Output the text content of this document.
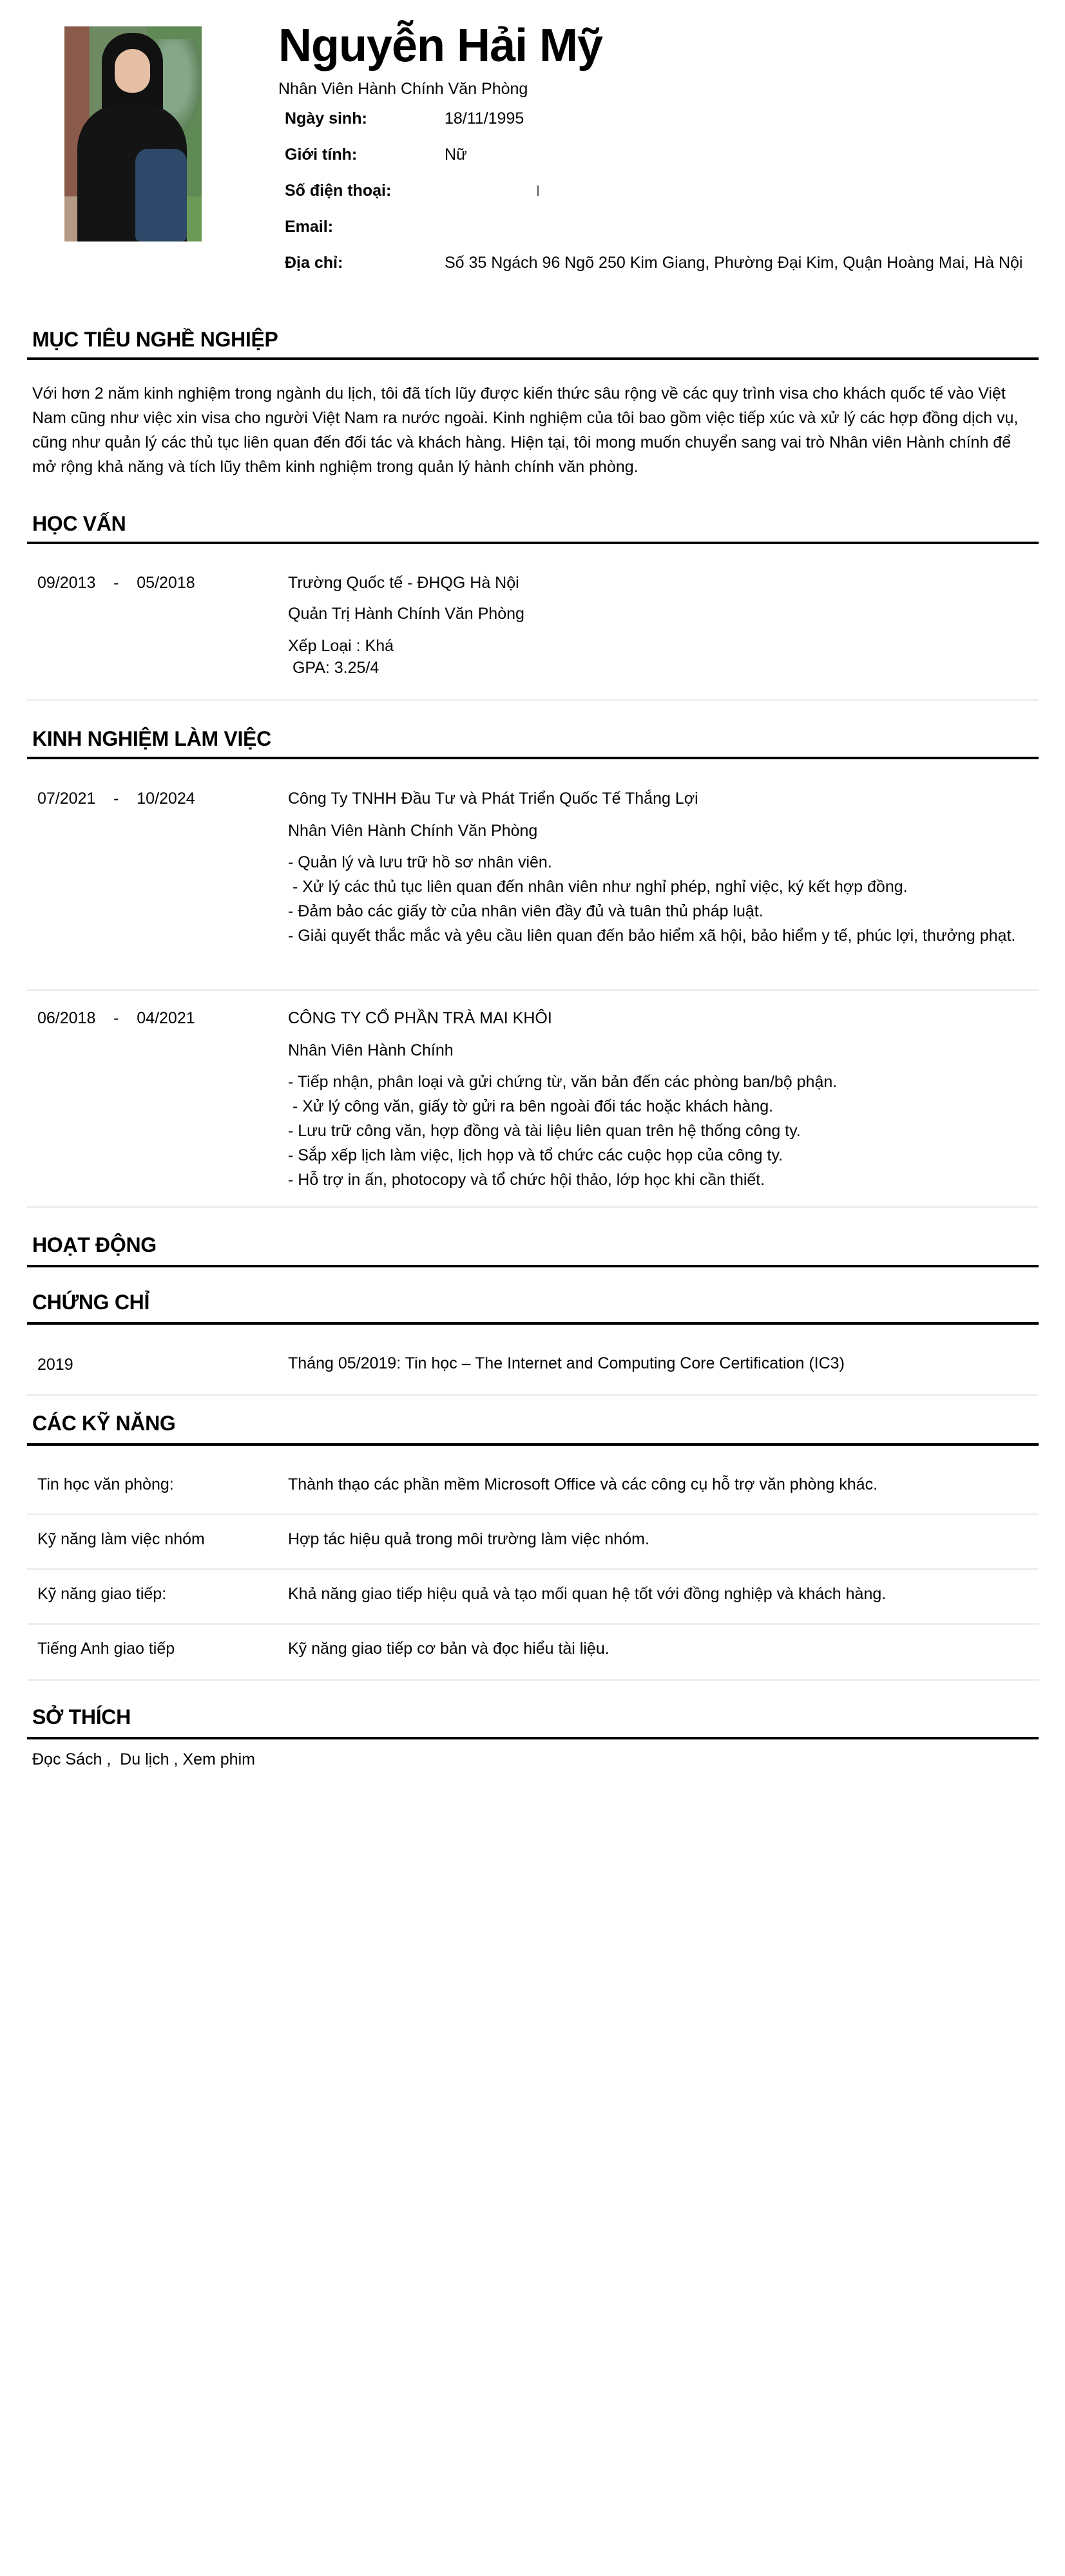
Nguyễn Hải Mỹ
Nhân Viên Hành Chính Văn Phòng
Ngày sinh:	18/11/1995
Giới tính:	Nữ
Số điện thoại:
Email:
Địa chỉ:	Số 35 Ngách 96 Ngõ 250 Kim Giang, Phường Đại Kim, Quận Hoàng Mai, Hà Nội
MỤC TIÊU NGHỀ NGHIỆP
Với hơn 2 năm kinh nghiệm trong ngành du lịch, tôi đã tích lũy được kiến thức sâu rộng về các quy trình visa cho khách quốc tế vào Việt Nam cũng như việc xin visa cho người Việt Nam ra nước ngoài. Kinh nghiệm của tôi bao gồm việc tiếp xúc và xử lý các hợp đồng dịch vụ, cũng như quản lý các thủ tục liên quan đến đối tác và khách hàng. Hiện tại, tôi mong muốn chuyển sang vai trò Nhân viên Hành chính để mở rộng khả năng và tích lũy thêm kinh nghiệm trong quản lý hành chính văn phòng.
HỌC VẤN
09/2013    -    05/2018	Trường Quốc tế - ĐHQG Hà Nội
Quản Trị Hành Chính Văn Phòng
Xếp Loại : Khá
GPA: 3.25/4
KINH NGHIỆM LÀM VIỆC
07/2021    -    10/2024	Công Ty TNHH Đầu Tư và Phát Triển Quốc Tế Thắng Lợi
Nhân Viên Hành Chính Văn Phòng
- Quản lý và lưu trữ hồ sơ nhân viên.
- Xử lý các thủ tục liên quan đến nhân viên như nghỉ phép, nghỉ việc, ký kết hợp đồng.
- Đảm bảo các giấy tờ của nhân viên đầy đủ và tuân thủ pháp luật.
- Giải quyết thắc mắc và yêu cầu liên quan đến bảo hiểm xã hội, bảo hiểm y tế, phúc lợi, thưởng phạt.
06/2018    -    04/2021	CÔNG TY CỔ PHẦN TRÀ MAI KHÔI
Nhân Viên Hành Chính
- Tiếp nhận, phân loại và gửi chứng từ, văn bản đến các phòng ban/bộ phận.
- Xử lý công văn, giấy tờ gửi ra bên ngoài đối tác hoặc khách hàng.
- Lưu trữ công văn, hợp đồng và tài liệu liên quan trên hệ thống công ty.
- Sắp xếp lịch làm việc, lịch họp và tổ chức các cuộc họp của công ty.
- Hỗ trợ in ấn, photocopy và tổ chức hội thảo, lớp học khi cần thiết.
HOẠT ĐỘNG
CHỨNG CHỈ
2019	Tháng 05/2019: Tin học – The Internet and Computing Core Certification (IC3)
CÁC KỸ NĂNG
Tin học văn phòng:	Thành thạo các phần mềm Microsoft Office và các công cụ hỗ trợ văn phòng khác.
Kỹ năng làm việc nhóm	Hợp tác hiệu quả trong môi trường làm việc nhóm.
Kỹ năng giao tiếp:	Khả năng giao tiếp hiệu quả và tạo mối quan hệ tốt với đồng nghiệp và khách hàng.
Tiếng Anh giao tiếp	Kỹ năng giao tiếp cơ bản và đọc hiểu tài liệu.
SỞ THÍCH
Đọc Sách ,  Du lịch , Xem phim
